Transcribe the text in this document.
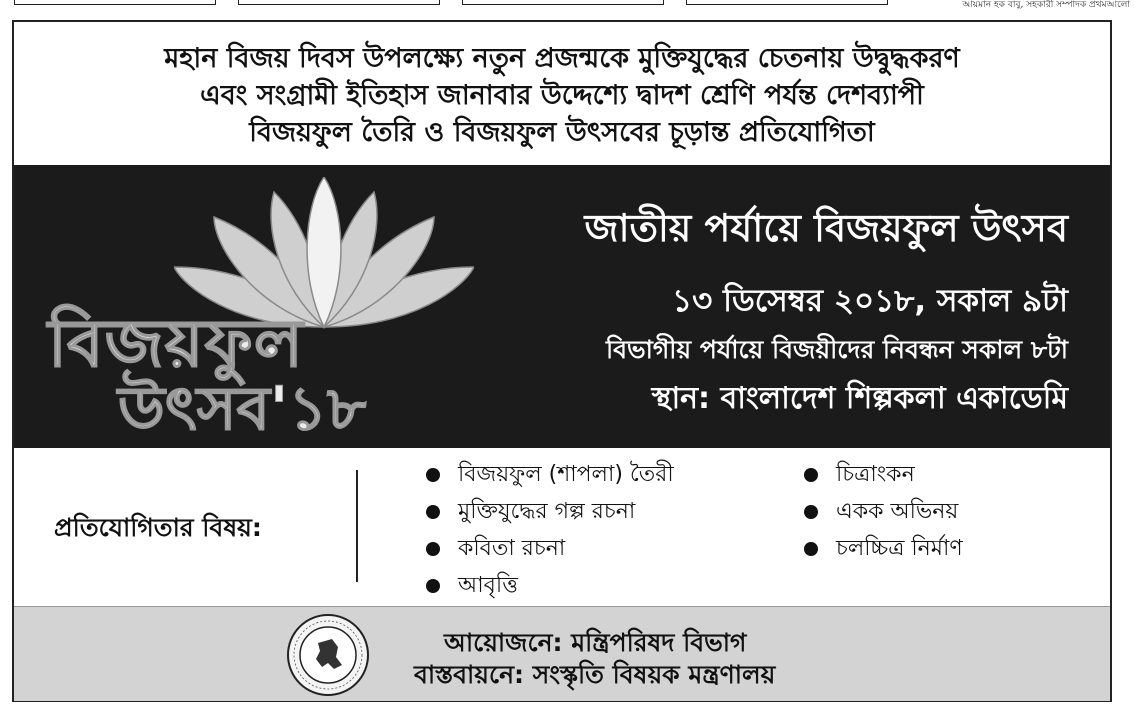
আয়মান হক বাবু, সহকারী সম্পাদক প্রথমআলো
মহান বিজয় দিবস উপলক্ষ্যে নতুন প্রজন্মকে মুক্তিযুদ্ধের চেতনায় উদ্বুদ্ধকরণ
এবং সংগ্রামী ইতিহাস জানাবার উদ্দেশ্যে দ্বাদশ শ্রেণি পর্যন্ত দেশব্যাপী
বিজয়ফুল তৈরি ও বিজয়ফুল উৎসবের চূড়ান্ত প্রতিযোগিতা
বিজয়ফুল
উৎসব'১৮
জাতীয় পর্যায়ে বিজয়ফুল উৎসব
১৩ ডিসেম্বর ২০১৮, সকাল ৯টা
বিভাগীয় পর্যায়ে বিজয়ীদের নিবন্ধন সকাল ৮টা
স্থান: বাংলাদেশ শিল্পকলা একাডেমি
প্রতিযোগিতার বিষয়:
বিজয়ফুল (শাপলা) তৈরী
মুক্তিযুদ্ধের গল্প রচনা
কবিতা রচনা
আবৃত্তি
চিত্রাংকন
একক অভিনয়
চলচ্চিত্র নির্মাণ
আয়োজনে: মন্ত্রিপরিষদ বিভাগ
বাস্তবায়নে: সংস্কৃতি বিষয়ক মন্ত্রণালয়
